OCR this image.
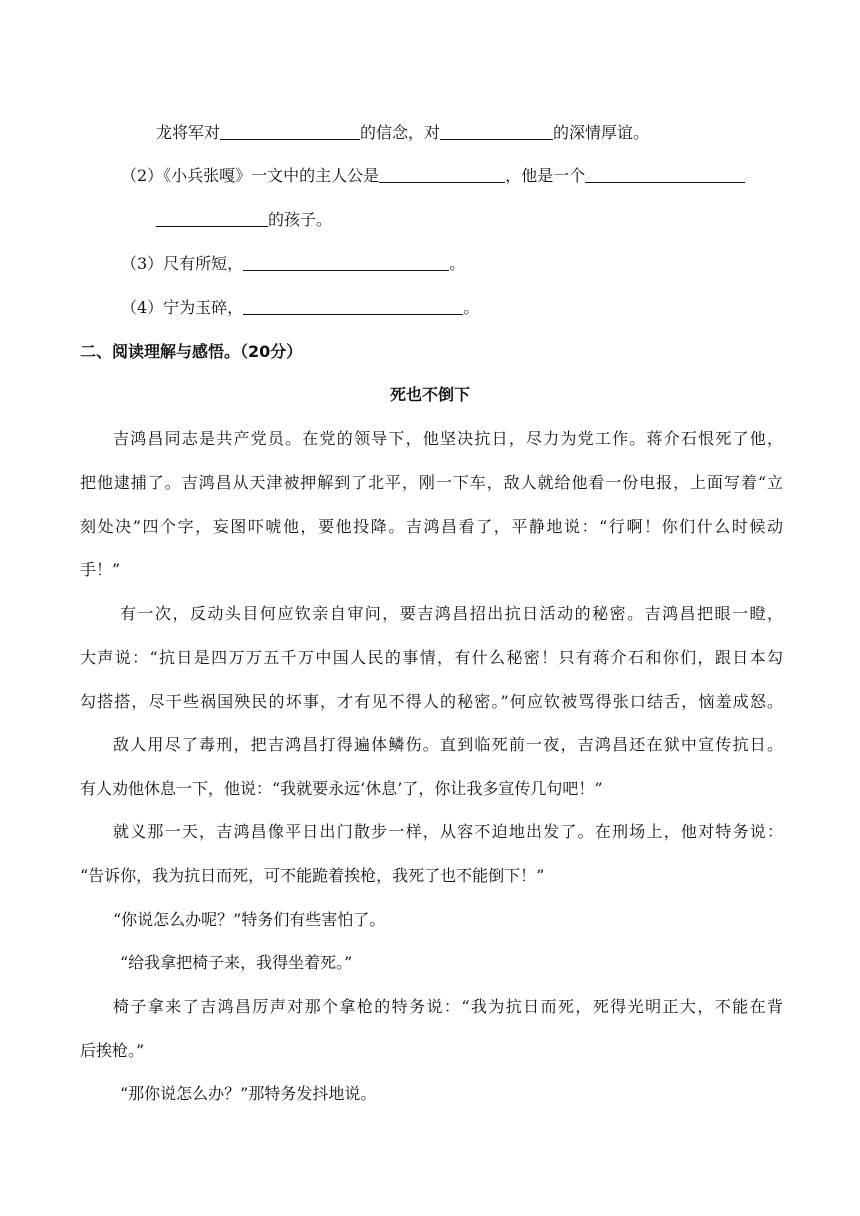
龙将军对	的信念，对	的深情厚谊。
（2）《小兵张嘎》一文中的主人公是	，他是一个
的孩子。
（3）尺有所短，	。
（4）宁为玉碎，	。
二、阅读理解与感悟。（20分）
死也不倒下
吉鸿昌同志是共产党员。在党的领导下，他坚决抗日，尽力为党工作。蒋介石恨死了他，
把他逮捕了。吉鸿昌从天津被押解到了北平，刚一下车，敌人就给他看一份电报，上面写着“立
刻处决”四个字，妄图吓唬他，要他投降。吉鸿昌看了，平静地说：“行啊！你们什么时候动
手！”
有一次，反动头目何应钦亲自审问，要吉鸿昌招出抗日活动的秘密。吉鸿昌把眼一瞪，
大声说：“抗日是四万万五千万中国人民的事情，有什么秘密！只有蒋介石和你们，跟日本勾
勾搭搭，尽干些祸国殃民的坏事，才有见不得人的秘密。”何应钦被骂得张口结舌，恼羞成怒。
敌人用尽了毒刑，把吉鸿昌打得遍体鳞伤。直到临死前一夜，吉鸿昌还在狱中宣传抗日。
有人劝他休息一下，他说：“我就要永远‘休息’了，你让我多宣传几句吧！”
就义那一天，吉鸿昌像平日出门散步一样，从容不迫地出发了。在刑场上，他对特务说：
“告诉你，我为抗日而死，可不能跪着挨枪，我死了也不能倒下！”
“你说怎么办呢？”特务们有些害怕了。
“给我拿把椅子来，我得坐着死。”
椅子拿来了吉鸿昌厉声对那个拿枪的特务说：“我为抗日而死，死得光明正大，不能在背
后挨枪。”
“那你说怎么办？”那特务发抖地说。
